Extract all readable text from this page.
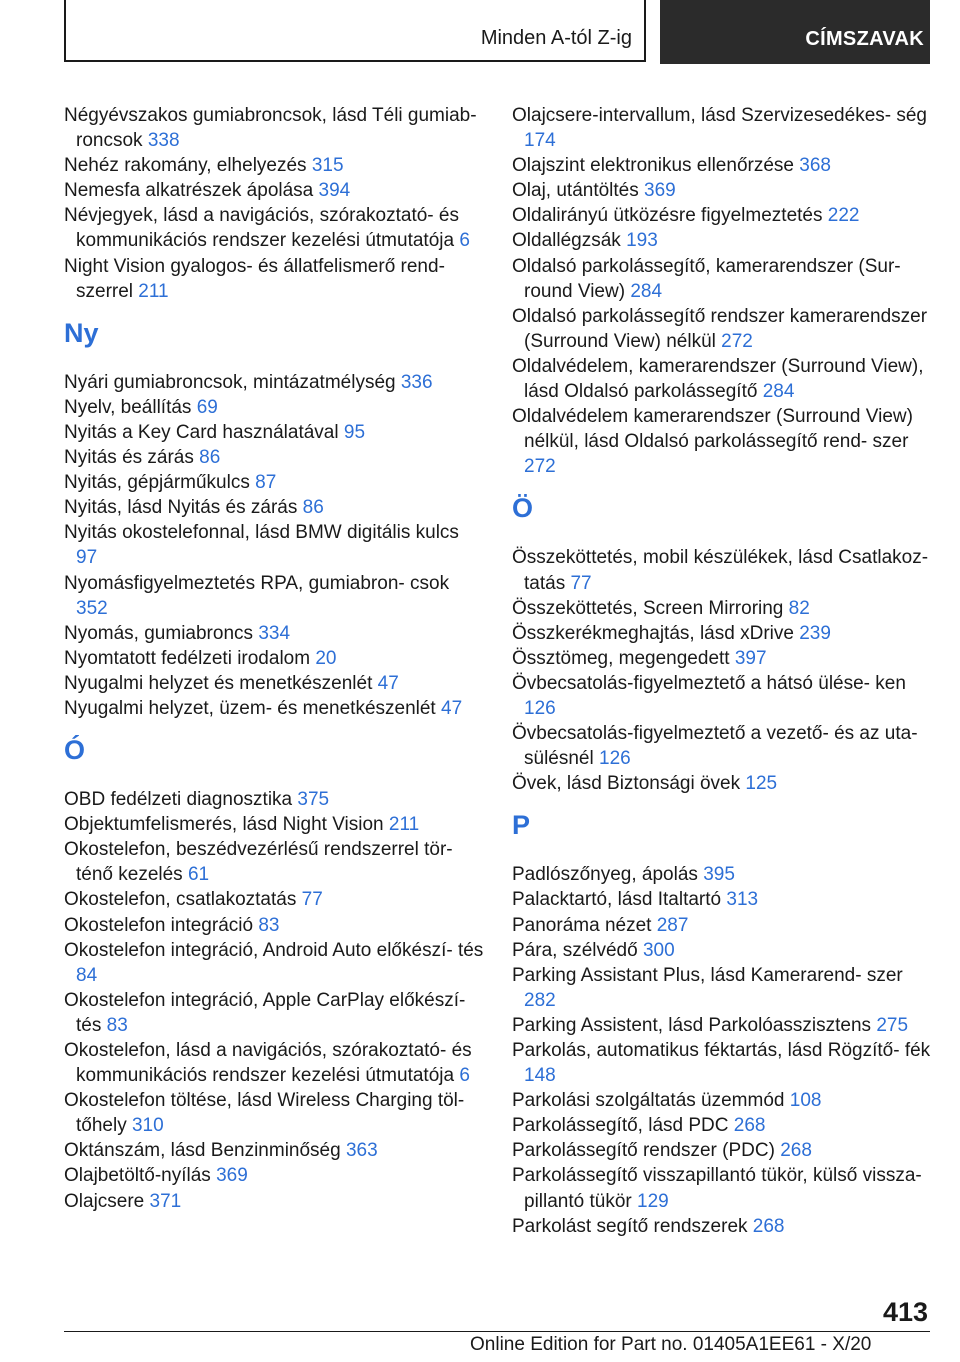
Minden A-tól Z-ig	CÍMSZAVAK
Négyévszakos gumiabroncsok, lásd Téli gumiab- roncsok 338
Nehéz rakomány, elhelyezés 315
Nemesfa alkatrészek ápolása 394
Névjegyek, lásd a navigációs, szórakoztató- és kommunikációs rendszer kezelési útmutatója 6
Night Vision gyalogos- és állatfelismerő rend- szerrel 211
Ny
Nyári gumiabroncsok, mintázatmélység 336
Nyelv, beállítás 69
Nyitás a Key Card használatával 95
Nyitás és zárás 86
Nyitás, gépjárműkulcs 87
Nyitás, lásd Nyitás és zárás 86
Nyitás okostelefonnal, lásd BMW digitális kulcs 97
Nyomásfigyelmeztetés RPA, gumiabron- csok 352
Nyomás, gumiabroncs 334
Nyomtatott fedélzeti irodalom 20
Nyugalmi helyzet és menetkészenlét 47
Nyugalmi helyzet, üzem- és menetkészenlét 47
Ó
OBD fedélzeti diagnosztika 375
Objektumfelismerés, lásd Night Vision 211
Okostelefon, beszédvezérlésű rendszerrel tör- ténő kezelés 61
Okostelefon, csatlakoztatás 77
Okostelefon integráció 83
Okostelefon integráció, Android Auto előkészí- tés 84
Okostelefon integráció, Apple CarPlay előkészí- tés 83
Okostelefon, lásd a navigációs, szórakoztató- és kommunikációs rendszer kezelési útmutatója 6
Okostelefon töltése, lásd Wireless Charging töl- tőhely 310
Oktánszám, lásd Benzinminőség 363
Olajbetöltő-nyílás 369
Olajcsere 371
Olajcsere-intervallum, lásd Szervizesedékes- ség 174
Olajszint elektronikus ellenőrzése 368
Olaj, utántöltés 369
Oldalirányú ütközésre figyelmeztetés 222
Oldallégzsák 193
Oldalsó parkolássegítő, kamerarendszer (Sur- round View) 284
Oldalsó parkolássegítő rendszer kamerarendszer (Surround View) nélkül 272
Oldalvédelem, kamerarendszer (Surround View), lásd Oldalsó parkolássegítő 284
Oldalvédelem kamerarendszer (Surround View) nélkül, lásd Oldalsó parkolássegítő rend- szer 272
Ö
Összeköttetés, mobil készülékek, lásd Csatlakoz- tatás 77
Összeköttetés, Screen Mirroring 82
Összkerékmeghajtás, lásd xDrive 239
Össztömeg, megengedett 397
Övbecsatolás-figyelmeztető a hátsó ülése- ken 126
Övbecsatolás-figyelmeztető a vezető- és az uta- sülésnél 126
Övek, lásd Biztonsági övek 125
P
Padlószőnyeg, ápolás 395
Palacktartó, lásd Italtartó 313
Panoráma nézet 287
Pára, szélvédő 300
Parking Assistant Plus, lásd Kamerarend- szer 282
Parking Assistent, lásd Parkolóasszisztens 275
Parkolás, automatikus féktartás, lásd Rögzítő- fék 148
Parkolási szolgáltatás üzemmód 108
Parkolássegítő, lásd PDC 268
Parkolássegítő rendszer (PDC) 268
Parkolássegítő visszapillantó tükör, külső vissza- pillantó tükör 129
Parkolást segítő rendszerek 268
413
Online Edition for Part no. 01405A1EE61 - X/20
